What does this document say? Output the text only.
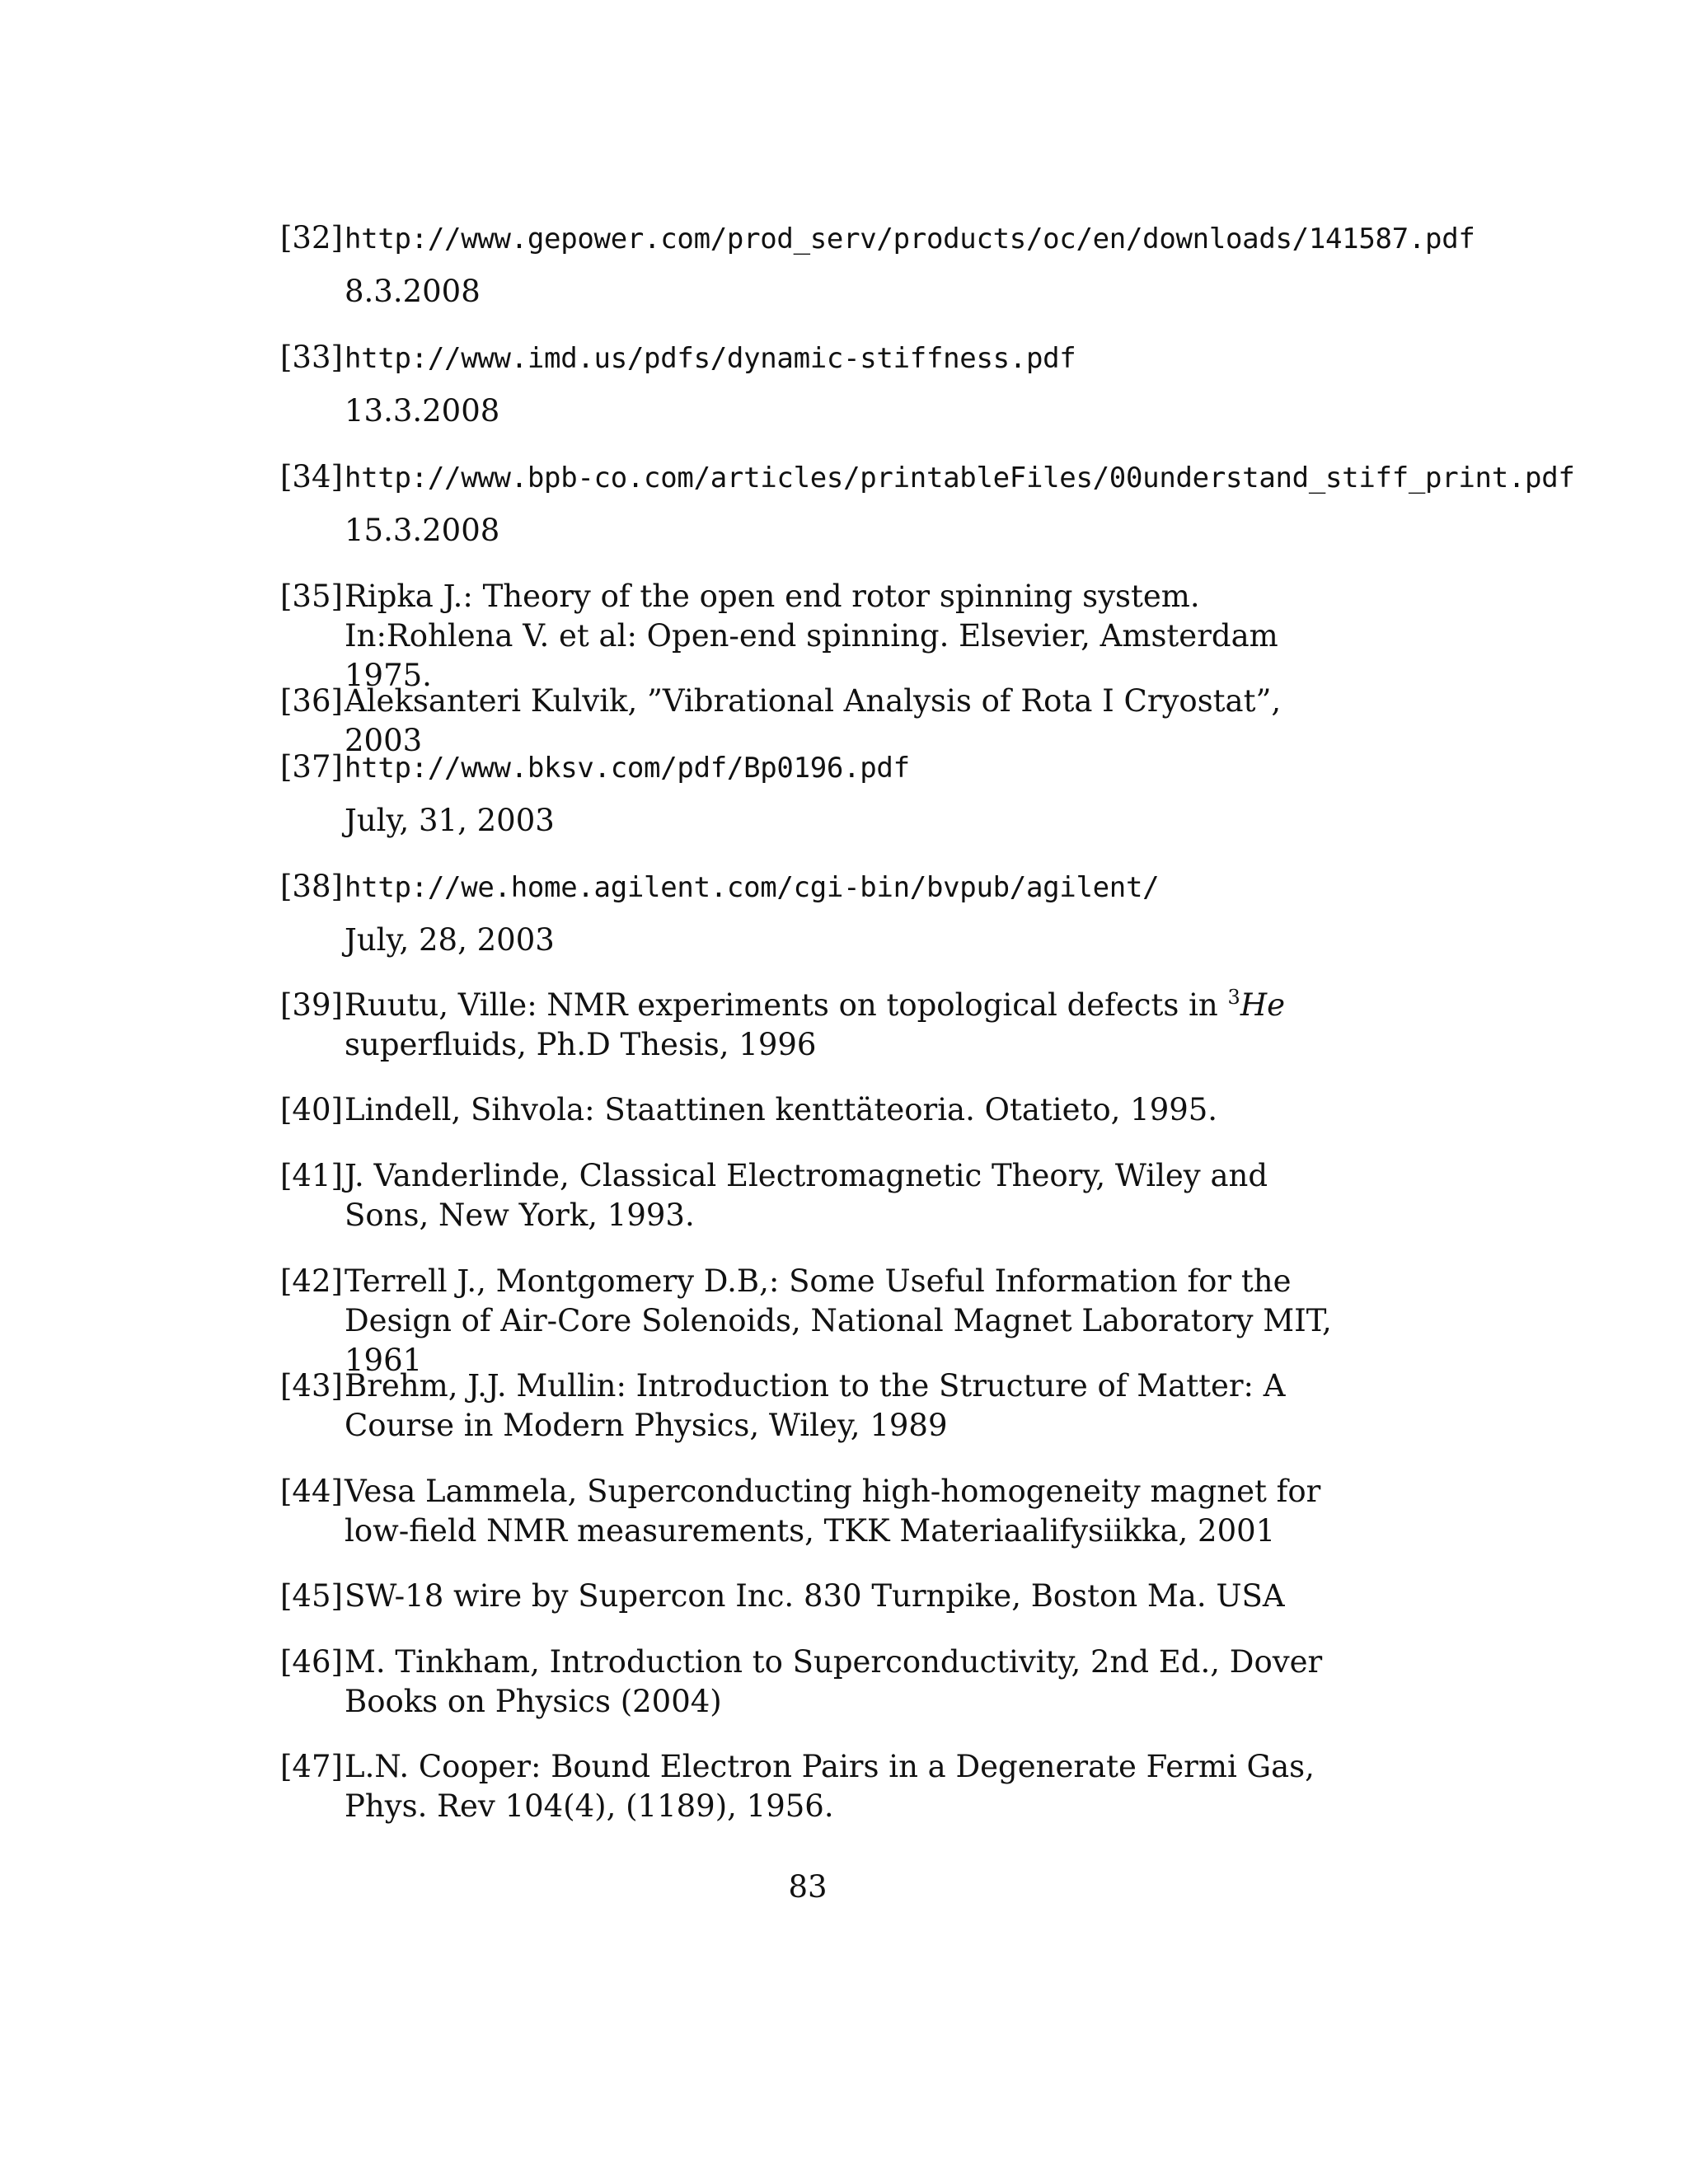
[32] http://www.gepower.com/prod_serv/products/oc/en/downloads/141587.pdf
8.3.2008
[33] http://www.imd.us/pdfs/dynamic-stiffness.pdf
13.3.2008
[34] http://www.bpb-co.com/articles/printableFiles/00understand_stiff_print.pdf
15.3.2008
[35] Ripka J.: Theory of the open end rotor spinning system. In:Rohlena V. et al: Open-end spinning. Elsevier, Amsterdam 1975.
[36] Aleksanteri Kulvik, ”Vibrational Analysis of Rota I Cryostat”, 2003
[37] http://www.bksv.com/pdf/Bp0196.pdf
July, 31, 2003
[38] http://we.home.agilent.com/cgi-bin/bvpub/agilent/
July, 28, 2003
[39] Ruutu, Ville: NMR experiments on topological defects in $^3$He superfluids, Ph.D Thesis, 1996
[40] Lindell, Sihvola: Staattinen kenttäteoria. Otatieto, 1995.
[41] J. Vanderlinde, Classical Electromagnetic Theory, Wiley and Sons, New York, 1993.
[42] Terrell J., Montgomery D.B,: Some Useful Information for the Design of Air-Core Solenoids, National Magnet Laboratory MIT, 1961
[43] Brehm, J.J. Mullin: Introduction to the Structure of Matter: A Course in Modern Physics, Wiley, 1989
[44] Vesa Lammela, Superconducting high-homogeneity magnet for low-field NMR measurements, TKK Materiaalifysiikka, 2001
[45] SW-18 wire by Supercon Inc. 830 Turnpike, Boston Ma. USA
[46] M. Tinkham, Introduction to Superconductivity, 2nd Ed., Dover Books on Physics (2004)
[47] L.N. Cooper: Bound Electron Pairs in a Degenerate Fermi Gas, Phys. Rev 104(4), (1189), 1956.
83
